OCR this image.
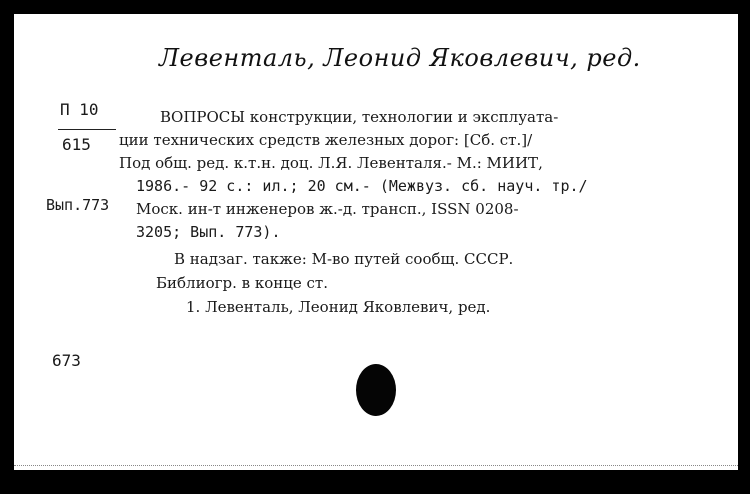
Левенталь, Леонид Яковлевич, ред.
П 10
615
Вып.773
ВОПРОСЫ конструкции, технологии и эксплуата-
ции технических средств железных дорог: [Сб. ст.]/
Под общ. ред. к.т.н. доц. Л.Я. Левенталя.- М.: МИИТ,
1986.- 92 с.: ил.; 20 см.- (Межвуз. сб. науч. тр./
Моск. ин-т инженеров ж.-д. трансп., ISSN 0208-
3205; Вып. 773).
В надзаг. также: М-во путей сообщ. СССР.
Библиогр. в конце ст.
1. Левенталь, Леонид Яковлевич, ред.
673
